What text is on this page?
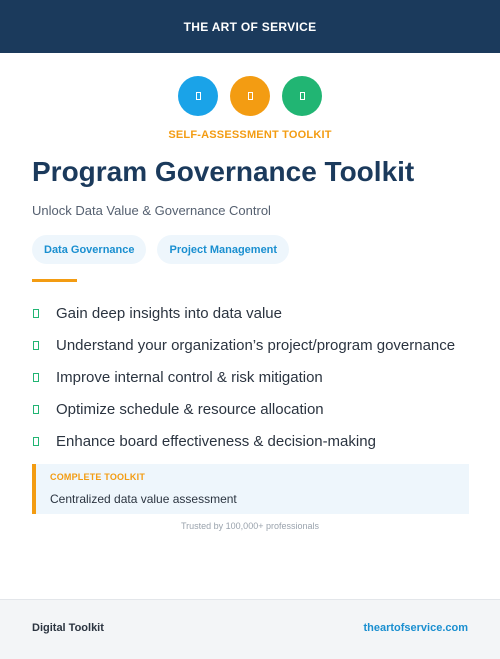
THE ART OF SERVICE
SELF-ASSESSMENT TOOLKIT
Program Governance Toolkit
Unlock Data Value & Governance Control
Data Governance	Project Management
Gain deep insights into data value
Understand your organization’s project/program governance
Improve internal control & risk mitigation
Optimize schedule & resource allocation
Enhance board effectiveness & decision-making
COMPLETE TOOLKIT
Centralized data value assessment
Trusted by 100,000+ professionals
Digital Toolkit	theartofservice.com
